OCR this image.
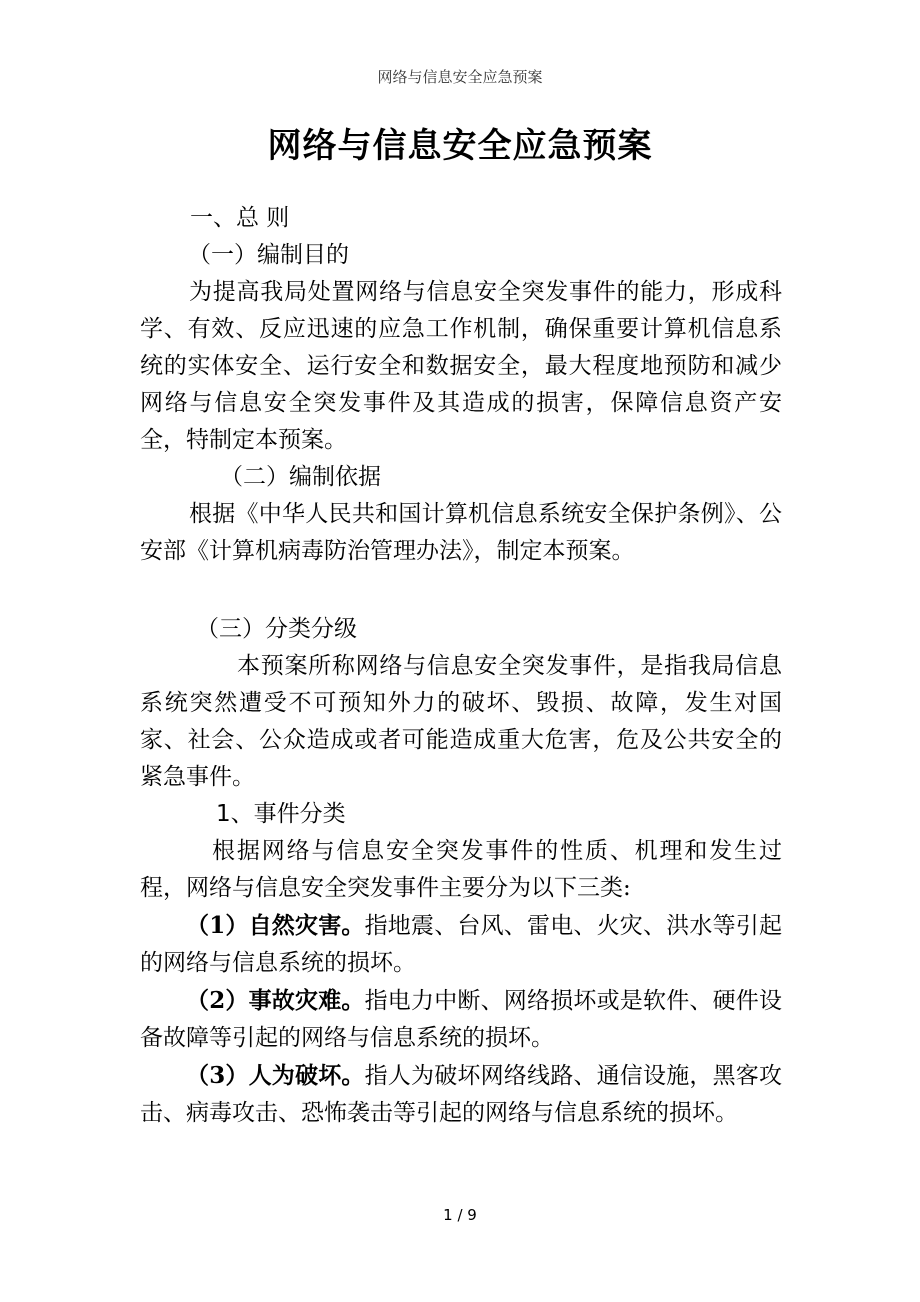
网络与信息安全应急预案
网络与信息安全应急预案

一、总 则

（一）编制目的

为提高我局处置网络与信息安全突发事件的能力，形成科学、有效、反应迅速的应急工作机制，确保重要计算机信息系统的实体安全、运行安全和数据安全，最大程度地预防和减少网络与信息安全突发事件及其造成的损害，保障信息资产安全，特制定本预案。

（二）编制依据

根据《中华人民共和国计算机信息系统安全保护条例》、公安部《计算机病毒防治管理办法》，制定本预案。

（三）分类分级

本预案所称网络与信息安全突发事件，是指我局信息系统突然遭受不可预知外力的破坏、毁损、故障，发生对国家、社会、公众造成或者可能造成重大危害，危及公共安全的紧急事件。

1、事件分类

根据网络与信息安全突发事件的性质、机理和发生过程，网络与信息安全突发事件主要分为以下三类:

（1）自然灾害。指地震、台风、雷电、火灾、洪水等引起的网络与信息系统的损坏。

（2）事故灾难。指电力中断、网络损坏或是软件、硬件设备故障等引起的网络与信息系统的损坏。

（3）人为破坏。指人为破坏网络线路、通信设施，黑客攻击、病毒攻击、恐怖袭击等引起的网络与信息系统的损坏。

1 / 9
